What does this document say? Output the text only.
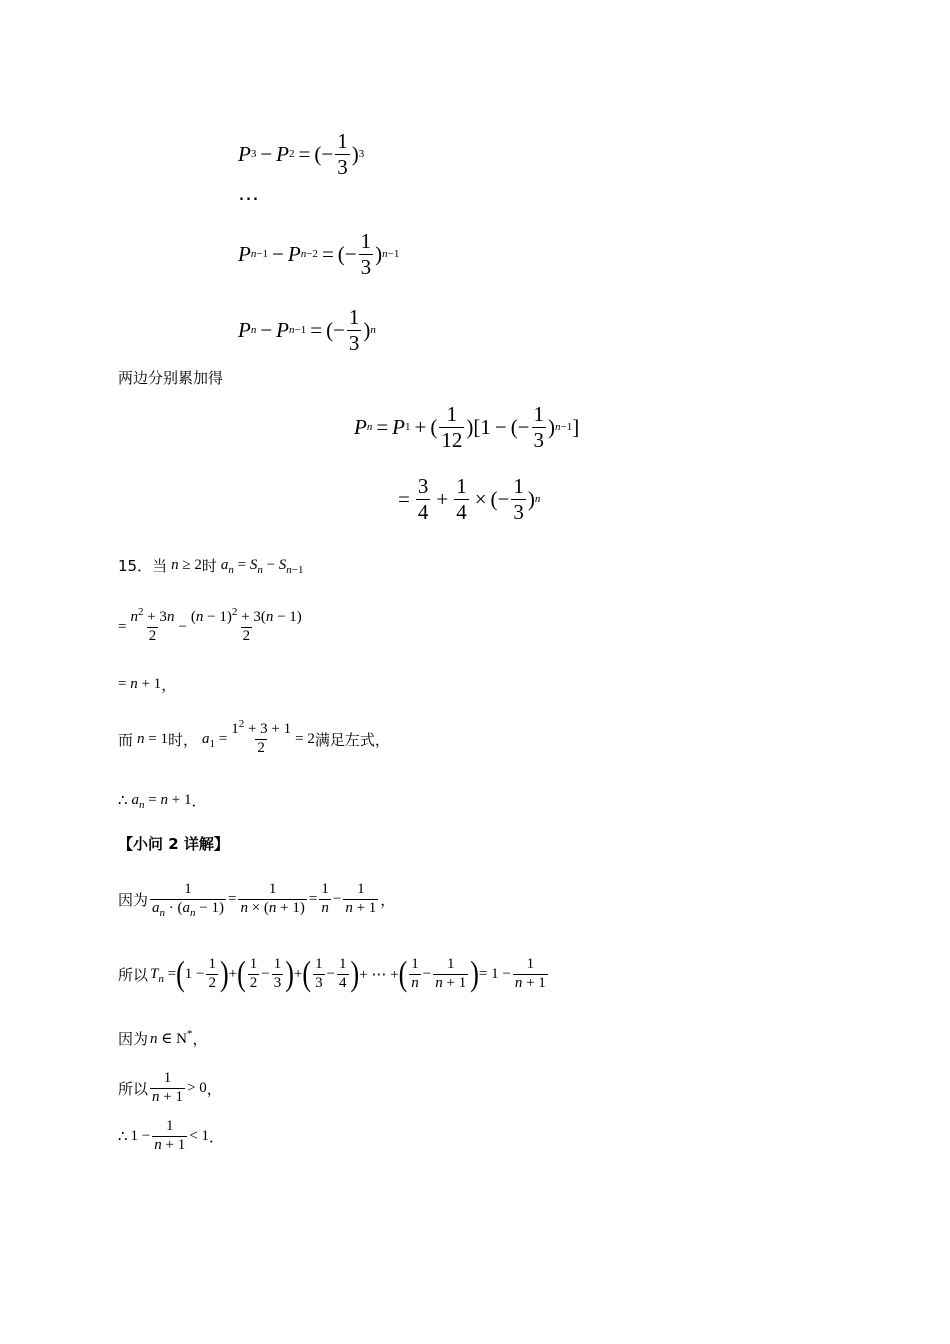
P 3 − P 2 = (− $\frac{1}{3}$ ) 3
⋯
P n−1 − P n−2 = (− $\frac{1}{3}$ ) n−1
P n − P n−1 = (− $\frac{1}{3}$ ) n
两边分别累加得
P n = P 1 + ( $\frac{1}{12} )[1$ − (− $\frac{1}{3}$ ) n−1 ]
= $\frac{3}{4} + \frac{1}{4}$ × (− $\frac{1}{3}$ ) n
15．当 n ≥ 2 时 $a_n = S_n - S_{n-1}$
= $\frac{n^2 + 3n}{2} - \frac{(n - 1)^2 + 3(n - 1)}{2}$
= n + 1 ，
而 n = 1 时， $a_1 = \frac{1^2 + 3 + 1}{2} = 2$ 满足左式，
∴ $a_n = n + 1$ ．
【小问 2 详解】
因为 $\frac{1}{a_n \cdot (a_n - 1)} = \frac{1}{n \times (n + 1)} = \frac{1}{n} - \frac{1}{n + 1}$ ，
所以 $T_n$ = ( $1 - \frac{1}{2}$ ) + ( $\frac{1}{2} - \frac{1}{3}$ ) + ( $\frac{1}{3} - \frac{1}{4}$ ) + ⋯ + ( $\frac{1}{n} - \frac{1}{n + 1}$ ) = $1 - \frac{1}{n + 1}$
因为 n ∈ N* ，
所以 $\frac{1}{n + 1} > 0$ ，
∴ $1 - \frac{1}{n + 1} < 1$ ．
